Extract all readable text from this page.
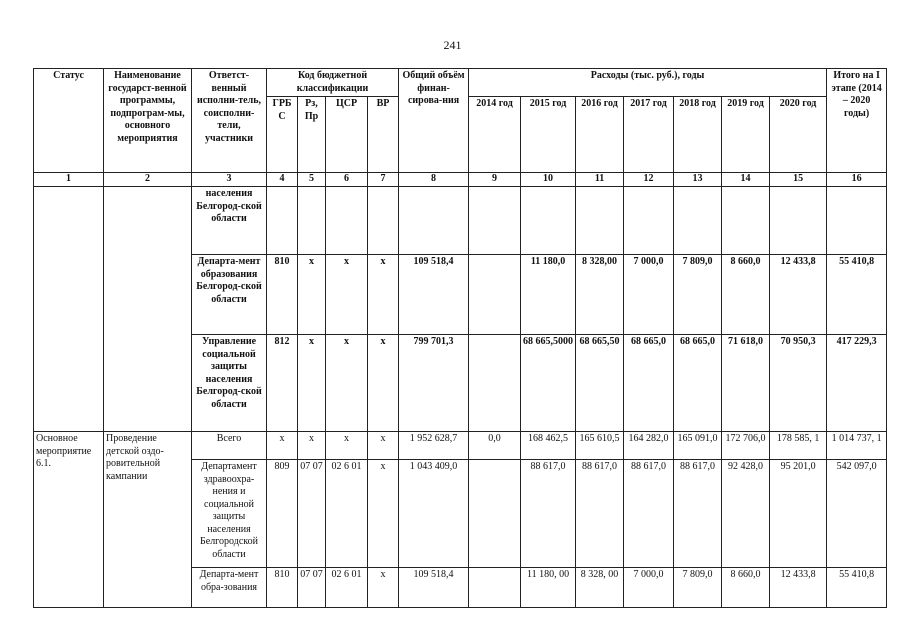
241
Статус	Наименование государст-венной программы, подпрограм-мы, основного мероприятия	Ответст-венный исполни-тель, соисполни-тели, участники	Код бюджетной классификации				Общий объём финан-сирова-ния	Расходы (тыс. руб.), годы							Итого на I этапе (2014 – 2020 годы)
			ГРБ С	Рз, Пр	ЦСР	ВР		2014 год	2015 год	2016 год	2017 год	2018 год	2019 год	2020 год	
1	2	3	4	5	6	7	8	9	10	11	12	13	14	15	16
		населения Белгород-ской области													
		Департа-мент образования Белгород-ской области	810	х	х	х	109 518,4		11 180,0	8 328,00	7 000,0	7 809,0	8 660,0	12 433,8	55 410,8
		Управление социальной защиты населения Белгород-ской области	812	х	х	х	799 701,3		68 665,5000	68 665,50	68 665,0	68 665,0	71 618,0	70 950,3	417 229,3
Основное мероприятие 6.1.	Проведение детской оздо-ровительной кампании	Всего	х	х	х	х	1 952 628,7	0,0	168 462,5	165 610,5	164 282,0	165 091,0	172 706,0	178 585, 1	1 014 737, 1
		Департамент здравоохра-нения и социальной защиты населения Белгородской области	809	07 07	02 6 01	х	1 043 409,0		88 617,0	88 617,0	88 617,0	88 617,0	92 428,0	95 201,0	542 097,0
		Департа-мент обра-зования	810	07 07	02 6 01	х	109 518,4		11 180, 00	8 328, 00	7 000,0	7 809,0	8 660,0	12 433,8	55 410,8
